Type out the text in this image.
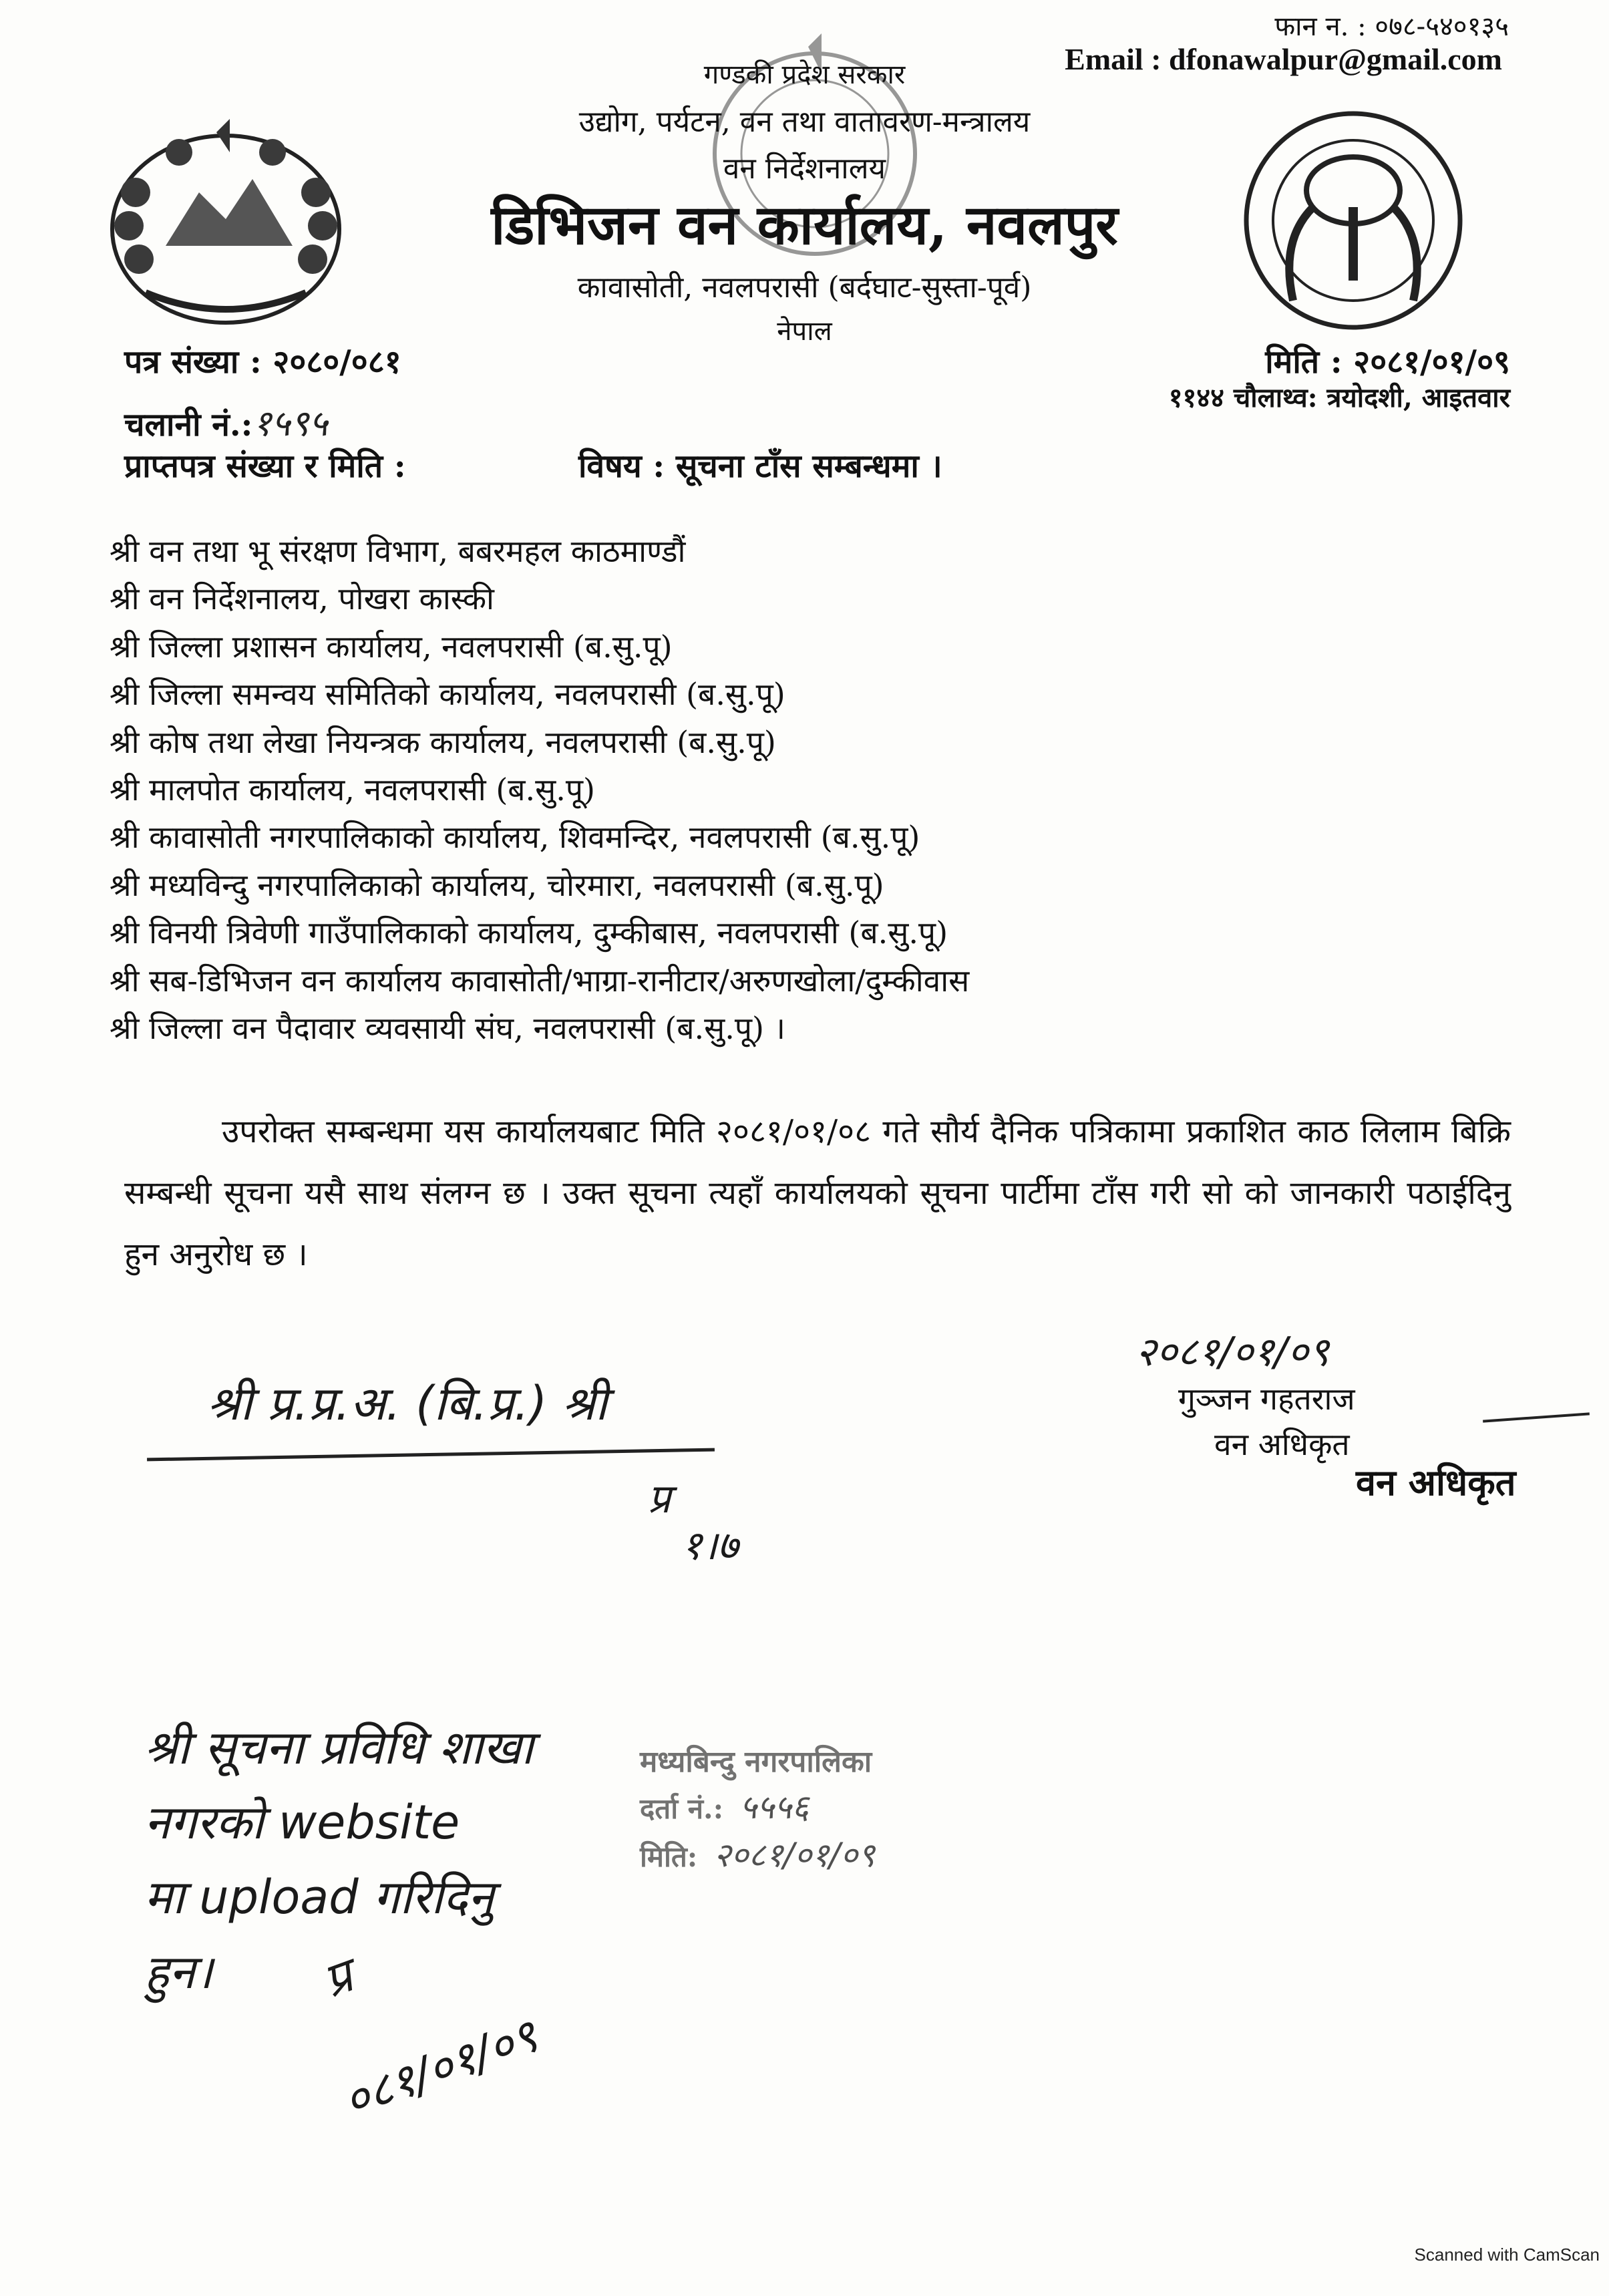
फान न. : ०७८-५४०१३५
Email : dfonawalpur@gmail.com
गण्डकी प्रदेश सरकार
उद्योग, पर्यटन, वन तथा वातावरण-मन्त्रालय
वन निर्देशनालय
डिभिजन वन कार्यालय, नवलपुर
कावासोती, नवलपरासी (बर्दघाट-सुस्ता-पूर्व)
नेपाल
पत्र संख्या : २०८०/०८१
चलानी नं.:१५९५
प्राप्तपत्र संख्या र मिति :	विषय : सूचना टाँस सम्बन्धमा ।
मिति : २०८१/०१/०९
११४४ चौलाथ्व: त्रयोदशी, आइतवार
श्री वन तथा भू संरक्षण विभाग, बबरमहल काठमाण्डौं
श्री वन निर्देशनालय, पोखरा कास्की
श्री जिल्ला प्रशासन कार्यालय, नवलपरासी (ब.सु.पू)
श्री जिल्ला समन्वय समितिको कार्यालय, नवलपरासी (ब.सु.पू)
श्री कोष तथा लेखा नियन्त्रक कार्यालय, नवलपरासी (ब.सु.पू)
श्री मालपोत कार्यालय, नवलपरासी (ब.सु.पू)
श्री कावासोती नगरपालिकाको कार्यालय, शिवमन्दिर, नवलपरासी (ब.सु.पू)
श्री मध्यविन्दु नगरपालिकाको कार्यालय, चोरमारा, नवलपरासी (ब.सु.पू)
श्री विनयी त्रिवेणी गाउँपालिकाको कार्यालय, दुम्कीबास, नवलपरासी (ब.सु.पू)
श्री सब-डिभिजन वन कार्यालय कावासोती/भाग्रा-रानीटार/अरुणखोला/दुम्कीवास
श्री जिल्ला वन पैदावार व्यवसायी संघ, नवलपरासी (ब.सु.पू) ।

उपरोक्त सम्बन्धमा यस कार्यालयबाट मिति २०८१/०१/०८ गते सौर्य दैनिक पत्रिकामा प्रकाशित काठ लिलाम बिक्रि सम्बन्धी सूचना यसै साथ संलग्न छ । उक्त सूचना त्यहाँ कार्यालयको सूचना पार्टीमा टाँस गरी सो को जानकारी पठाईदिनु हुन अनुरोध छ ।

२०८१/०१/०९
गुञ्जन गहतराज
वन अधिकृत
वन अधिकृत
श्री प्र.प्र.अ. (बि.प्र.) श्री
प्र
१।७
श्री सूचना प्रविधि शाखा
नगरको website
मा upload गरिदिनु
हुन।
मध्यबिन्दु नगरपालिका
दर्ता नं.: ५५५६
मिति: २०८१/०१/०९
प्र
०८१/०१/०९
Scanned with CamScan
